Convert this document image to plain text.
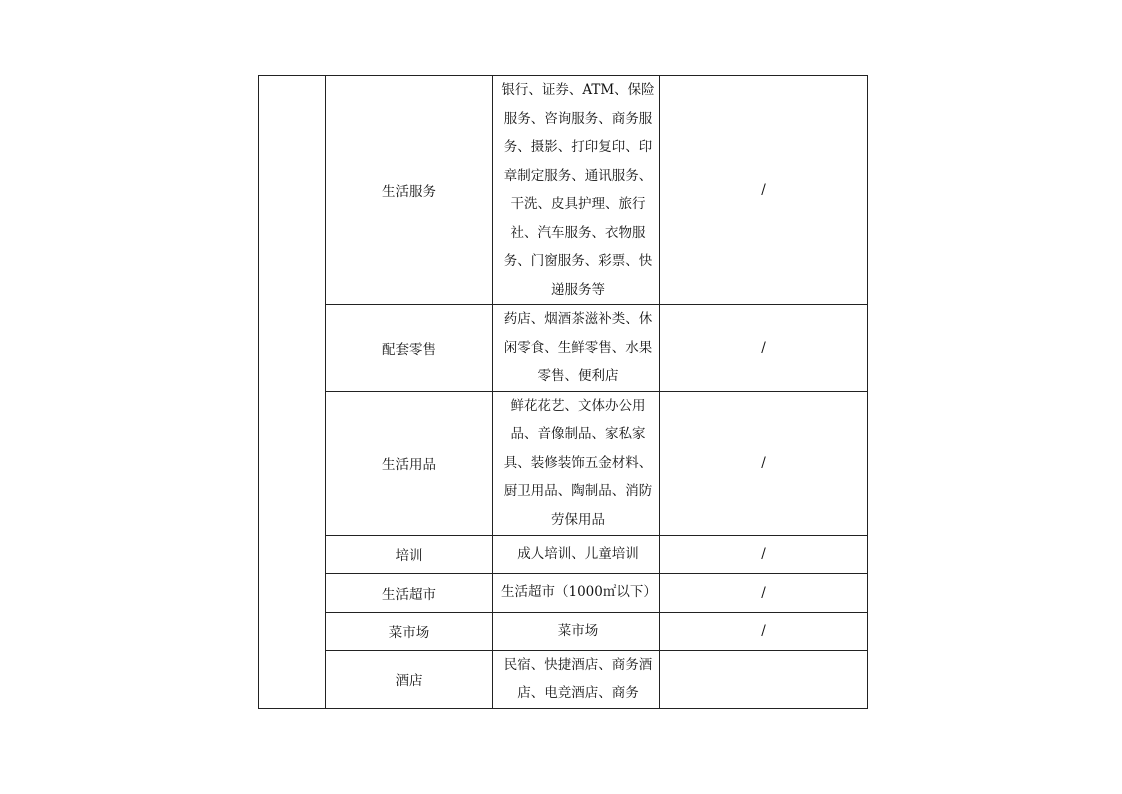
	生活服务	银行、证券、ATM、保险服务、咨询服务、商务服务、摄影、打印复印、印章制定服务、通讯服务、干洗、皮具护理、旅行社、汽车服务、衣物服务、门窗服务、彩票、快递服务等	/
	配套零售	药店、烟酒茶滋补类、休闲零食、生鲜零售、水果零售、便利店	/
	生活用品	鲜花花艺、文体办公用品、音像制品、家私家具、装修装饰五金材料、厨卫用品、陶制品、消防劳保用品	/
	培训	成人培训、儿童培训	/
	生活超市	生活超市（1000㎡以下）	/
	菜市场	菜市场	/
	酒店	民宿、快捷酒店、商务酒店、电竞酒店、商务	
